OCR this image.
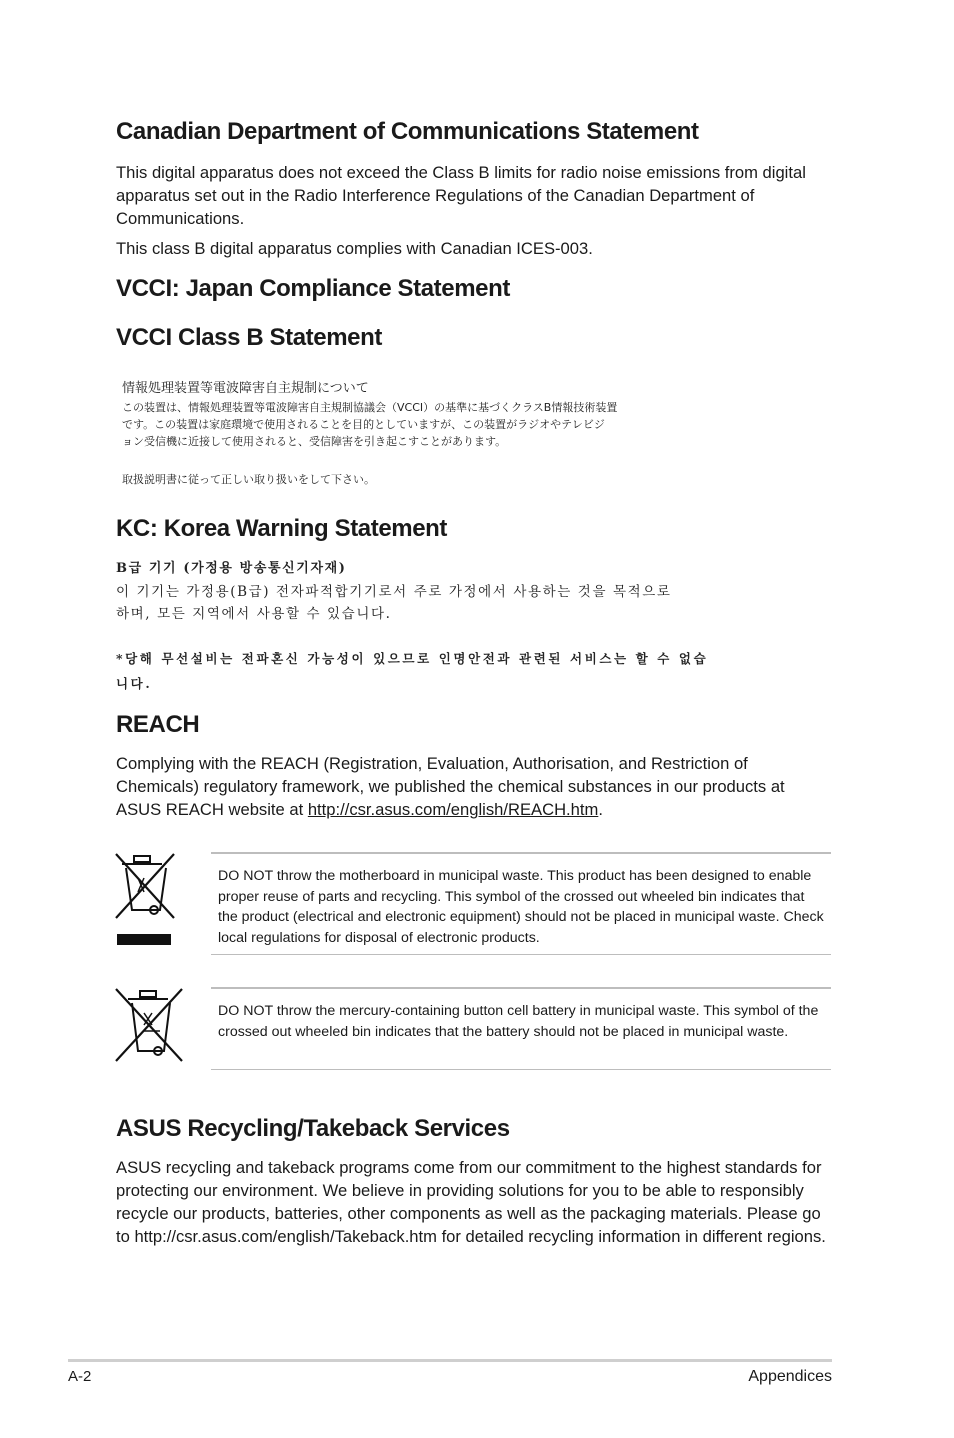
Canadian Department of Communications Statement

This digital apparatus does not exceed the Class B limits for radio noise emissions from digital apparatus set out in the Radio Interference Regulations of the Canadian Department of Communications.

This class B digital apparatus complies with Canadian ICES-003.

VCCI: Japan Compliance Statement
VCCI Class B Statement
情報処理装置等電波障害自主規制について
この装置は、情報処理装置等電波障害自主規制協議会（VCCI）の基準に基づくクラスB情報技術装置
です。この装置は家庭環境で使用されることを目的としていますが、この装置がラジオやテレビジ
ョン受信機に近接して使用されると、受信障害を引き起こすことがあります。
取扱説明書に従って正しい取り扱いをして下さい。
KC: Korea Warning Statement
B급 기기 (가정용 방송통신기자재)
이 기기는 가정용(B급) 전자파적합기기로서 주로 가정에서 사용하는 것을 목적으로
하며, 모든 지역에서 사용할 수 있습니다.
*당해 무선설비는 전파혼신 가능성이 있으므로 인명안전과 관련된 서비스는 할 수 없습
니다.
REACH

Complying with the REACH (Registration, Evaluation, Authorisation, and Restriction of Chemicals) regulatory framework, we published the chemical substances in our products at ASUS REACH website at http://csr.asus.com/english/REACH.htm.

DO NOT throw the motherboard in municipal waste. This product has been designed to enable proper reuse of parts and recycling. This symbol of the crossed out wheeled bin indicates that the product (electrical and electronic equipment) should not be placed in municipal waste. Check local regulations for disposal of electronic products.
DO NOT throw the mercury-containing button cell battery in municipal waste. This symbol of the crossed out wheeled bin indicates that the battery should not be placed in municipal waste.
ASUS Recycling/Takeback Services

ASUS recycling and takeback programs come from our commitment to the highest standards for protecting our environment. We believe in providing solutions for you to be able to responsibly recycle our products, batteries, other components as well as the packaging materials. Please go to http://csr.asus.com/english/Takeback.htm for detailed recycling information in different regions.

A-2	Appendices
